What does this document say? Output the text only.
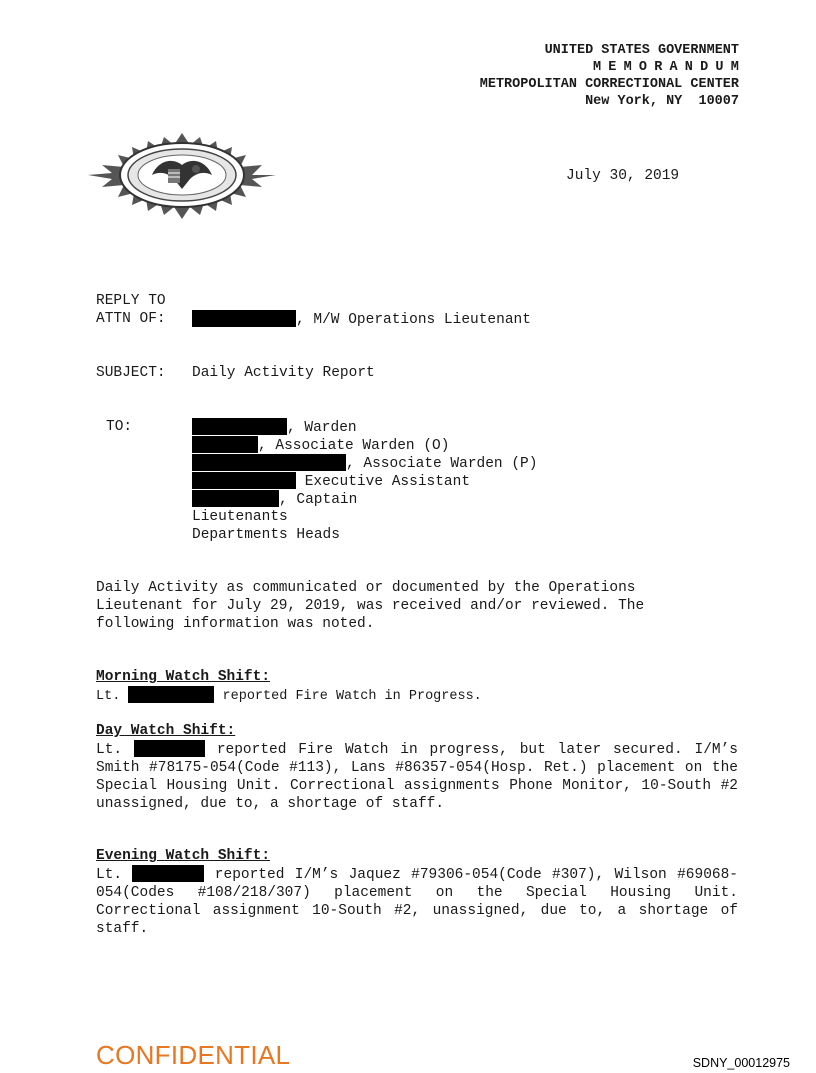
UNITED STATES GOVERNMENT
MEMORANDUM
METROPOLITAN CORRECTIONAL CENTER
New York, NY  10007
July 30, 2019
REPLY TO
ATTN OF:	, M/W Operations Lieutenant
SUBJECT: Daily Activity Report
TO:	, Warden
, Associate Warden (O)
, Associate Warden (P)
Executive Assistant
, Captain
Lieutenants
Departments Heads
Daily Activity as communicated or documented by the Operations
Lieutenant for July 29, 2019, was received and/or reviewed. The
following information was noted.
Morning Watch Shift:
Lt.	reported Fire Watch in Progress.
Day Watch Shift:
Lt.	reported Fire Watch in progress, but later secured. I/M’s Smith #78175-054(Code #113), Lans #86357-054(Hosp. Ret.) placement on the Special Housing Unit. Correctional assignments Phone Monitor, 10-South #2 unassigned, due to, a shortage of staff.
Evening Watch Shift:
Lt.	reported I/M’s Jaquez #79306-054(Code #307), Wilson #69068-054(Codes #108/218/307) placement on the Special Housing Unit. Correctional assignment 10-South #2, unassigned, due to, a shortage of staff.
CONFIDENTIAL	SDNY_00012975
